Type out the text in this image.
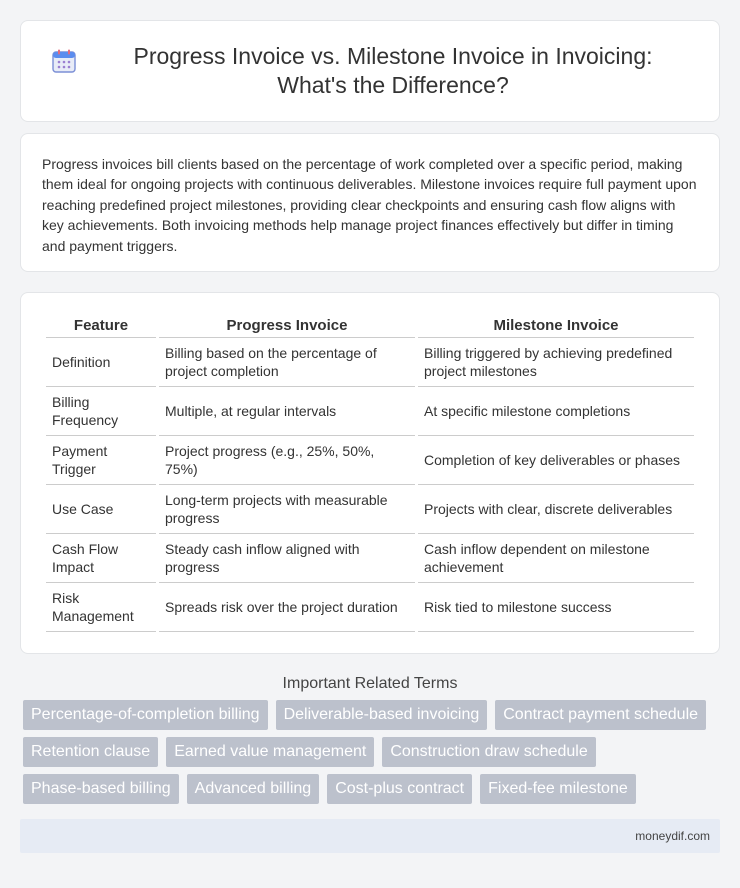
Progress Invoice vs. Milestone Invoice in Invoicing: What's the Difference?

Progress invoices bill clients based on the percentage of work completed over a specific period, making them ideal for ongoing projects with continuous deliverables. Milestone invoices require full payment upon reaching predefined project milestones, providing clear checkpoints and ensuring cash flow aligns with key achievements. Both invoicing methods help manage project finances effectively but differ in timing and payment triggers.

Feature	Progress Invoice	Milestone Invoice
Definition	Billing based on the percentage of project completion	Billing triggered by achieving predefined project milestones
Billing Frequency	Multiple, at regular intervals	At specific milestone completions
Payment Trigger	Project progress (e.g., 25%, 50%, 75%)	Completion of key deliverables or phases
Use Case	Long-term projects with measurable progress	Projects with clear, discrete deliverables
Cash Flow Impact	Steady cash inflow aligned with progress	Cash inflow dependent on milestone achievement
Risk Management	Spreads risk over the project duration	Risk tied to milestone success
Important Related Terms
Percentage-of-completion billing	Deliverable-based invoicing	Contract payment schedule
Retention clause	Earned value management	Construction draw schedule
Phase-based billing	Advanced billing	Cost-plus contract	Fixed-fee milestone
moneydif.com
